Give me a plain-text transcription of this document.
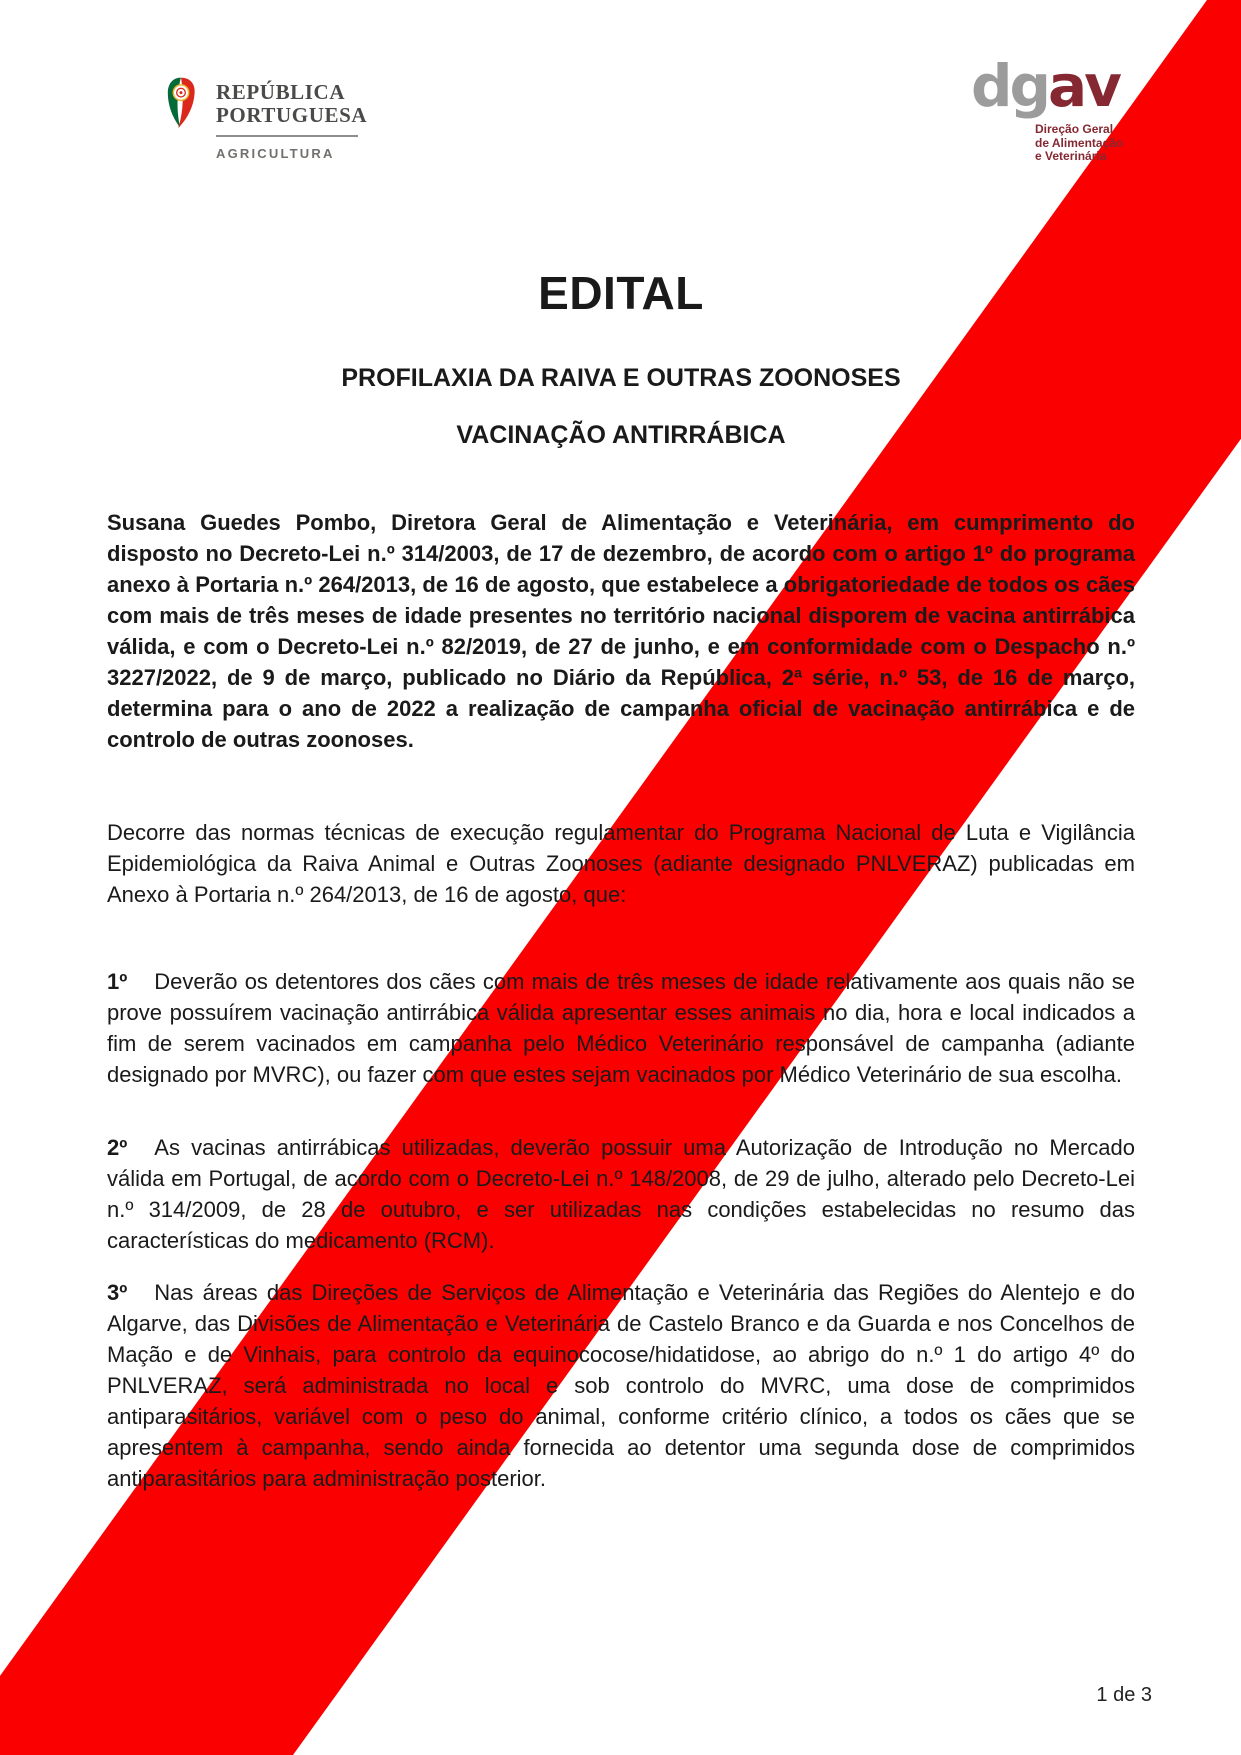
REPÚBLICA
PORTUGUESA
AGRICULTURA
dgav
Direção Geral
de Alimentação
e Veterinária
EDITAL
PROFILAXIA DA RAIVA E OUTRAS ZOONOSES
VACINAÇÃO ANTIRRÁBICA

Susana Guedes Pombo, Diretora Geral de Alimentação e Veterinária, em cumprimento do disposto no Decreto-Lei n.º 314/2003, de 17 de dezembro, de acordo com o artigo 1º do programa anexo à Portaria n.º 264/2013, de 16 de agosto, que estabelece a obrigatoriedade de todos os cães com mais de três meses de idade presentes no território nacional disporem de vacina antirrábica válida, e com o Decreto-Lei n.º 82/2019, de 27 de junho, e em conformidade com o Despacho n.º 3227/2022, de 9 de março, publicado no Diário da República, 2ª série, n.º 53, de 16 de março, determina para o ano de 2022 a realização de campanha oficial de vacinação antirrábica e de controlo de outras zoonoses.

Decorre das normas técnicas de execução regulamentar do Programa Nacional de Luta e Vigilância Epidemiológica da Raiva Animal e Outras Zoonoses (adiante designado PNLVERAZ) publicadas em Anexo à Portaria n.º 264/2013, de 16 de agosto, que:

1º Deverão os detentores dos cães com mais de três meses de idade relativamente aos quais não se prove possuírem vacinação antirrábica válida apresentar esses animais no dia, hora e local indicados a fim de serem vacinados em campanha pelo Médico Veterinário responsável de campanha (adiante designado por MVRC), ou fazer com que estes sejam vacinados por Médico Veterinário de sua escolha.

2º As vacinas antirrábicas utilizadas, deverão possuir uma Autorização de Introdução no Mercado válida em Portugal, de acordo com o Decreto-Lei n.º 148/2008, de 29 de julho, alterado pelo Decreto-Lei n.º 314/2009, de 28 de outubro, e ser utilizadas nas condições estabelecidas no resumo das características do medicamento (RCM).

3º Nas áreas das Direções de Serviços de Alimentação e Veterinária das Regiões do Alentejo e do Algarve, das Divisões de Alimentação e Veterinária de Castelo Branco e da Guarda e nos Concelhos de Mação e de Vinhais, para controlo da equinococose/hidatidose, ao abrigo do n.º 1 do artigo 4º do PNLVERAZ, será administrada no local e sob controlo do MVRC, uma dose de comprimidos antiparasitários, variável com o peso do animal, conforme critério clínico, a todos os cães que se apresentem à campanha, sendo ainda fornecida ao detentor uma segunda dose de comprimidos antiparasitários para administração posterior.

1 de 3
